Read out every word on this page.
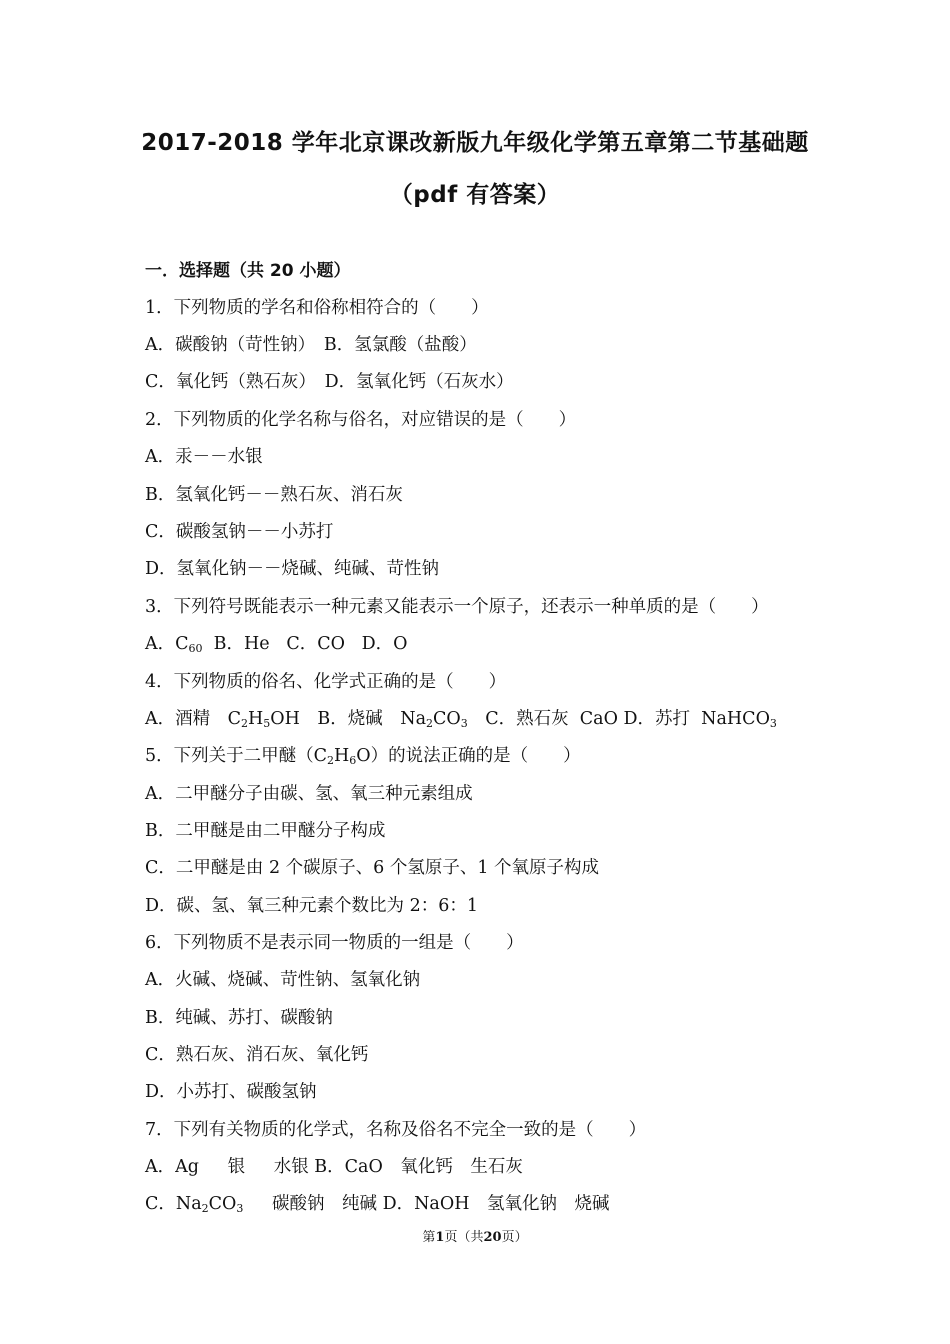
2017-2018 学年北京课改新版九年级化学第五章第二节基础题
（pdf 有答案）
一．选择题（共 20 小题）
1．下列物质的学名和俗称相符合的（　　）
A．碳酸钠（苛性钠）　B．氢氯酸（盐酸）
C．氧化钙（熟石灰）　D．氢氧化钙（石灰水）
2．下列物质的化学名称与俗名，对应错误的是（　　）
A．汞－－水银
B．氢氧化钙－－熟石灰、消石灰
C．碳酸氢钠－－小苏打
D．氢氧化钠－－烧碱、纯碱、苛性钠
3．下列符号既能表示一种元素又能表示一个原子，还表示一种单质的是（　　）
A．$C_{60}$  B．He   C．CO   D．O
4．下列物质的俗名、化学式正确的是（　　）
A．酒精　$C_2H_5OH$　B．烧碱　$Na_2CO_3$　C．熟石灰  CaO D．苏打  NaHCO$_3$
5．下列关于二甲醚$(C_2H_6O)$的说法正确的是（　　）
A．二甲醚分子由碳、氢、氧三种元素组成
B．二甲醚是由二甲醚分子构成
C．二甲醚是由 2 个碳原子、6 个氢原子、1 个氧原子构成
D．碳、氢、氧三种元素个数比为 2：6：1
6．下列物质不是表示同一物质的一组是（　　）
A．火碱、烧碱、苛性钠、氢氧化钠
B．纯碱、苏打、碳酸钠
C．熟石灰、消石灰、氧化钙
D．小苏打、碳酸氢钠
7．下列有关物质的化学式，名称及俗名不完全一致的是（　　）
A．Ag　  银　  水银 B．CaO　氧化钙　生石灰
C．$Na_2CO_3$　  碳酸钠　纯碱 D．NaOH　氢氧化钠　烧碱
第1页（共20页）
